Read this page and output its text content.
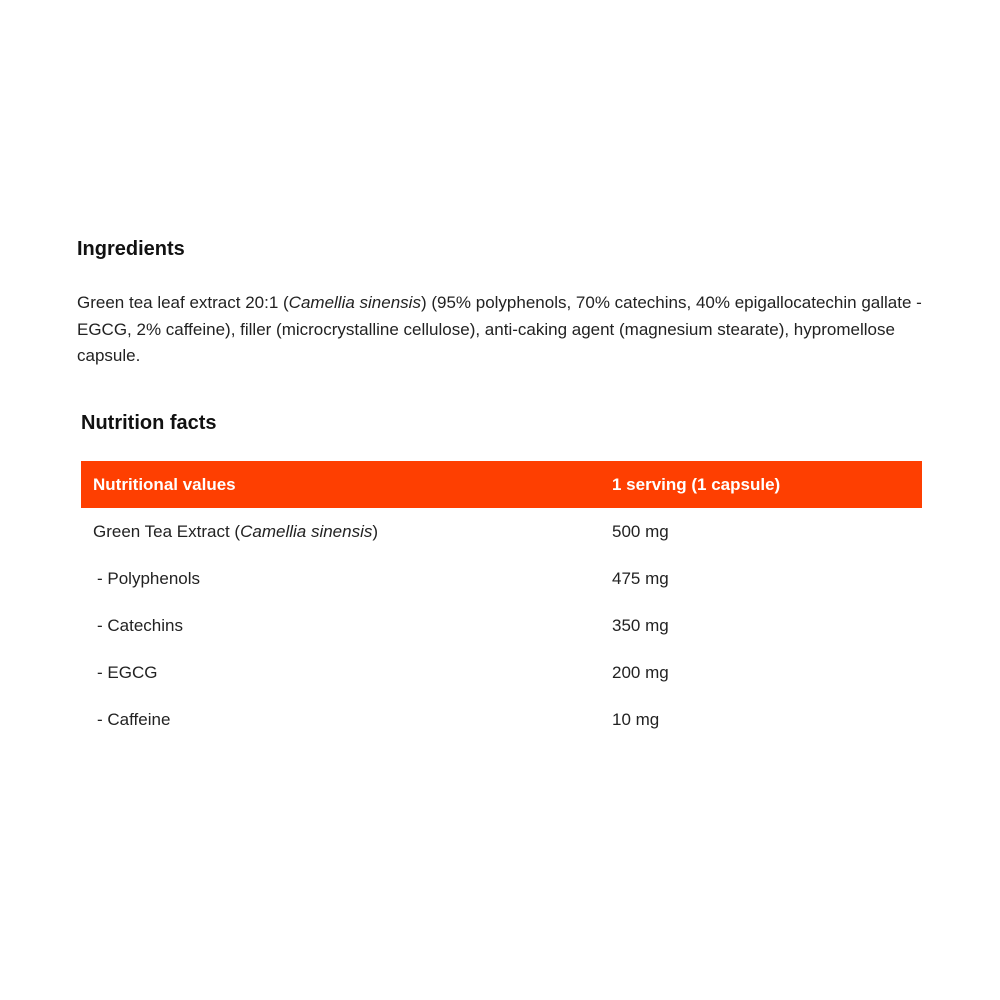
Ingredients

Green tea leaf extract 20:1 (Camellia sinensis) (95% polyphenols, 70% catechins, 40% epigallocatechin gallate - EGCG, 2% caffeine), filler (microcrystalline cellulose), anti-caking agent (magnesium stearate), hypromellose capsule.

Nutrition facts
Nutritional values	1 serving (1 capsule)
Green Tea Extract (Camellia sinensis)	500 mg
- Polyphenols	475 mg
- Catechins	350 mg
- EGCG	200 mg
- Caffeine	10 mg
